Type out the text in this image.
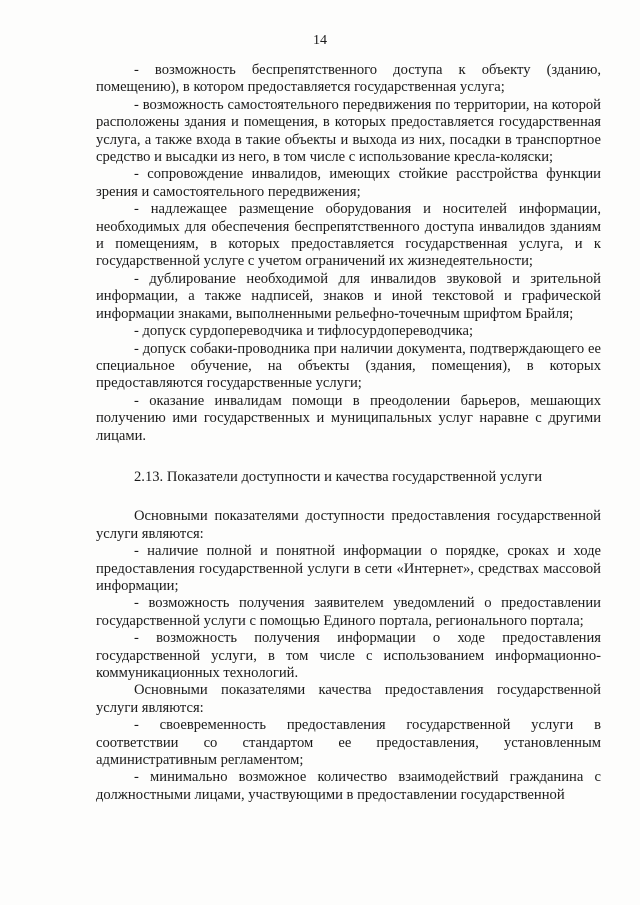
14

- возможность беспрепятственного доступа к объекту (зданию, помещению), в котором предоставляется государственная услуга;

- возможность самостоятельного передвижения по территории, на которой расположены здания и помещения, в которых предоставляется государственная услуга, а также входа в такие объекты и выхода из них, посадки в транспортное средство и высадки из него, в том числе с использование кресла-коляски;

- сопровождение инвалидов, имеющих стойкие расстройства функции зрения и самостоятельного передвижения;

- надлежащее размещение оборудования и носителей информации, необходимых для обеспечения беспрепятственного доступа инвалидов зданиям и помещениям, в которых предоставляется государственная услуга, и к государственной услуге с учетом ограничений их жизнедеятельности;

- дублирование необходимой для инвалидов звуковой и зрительной информации, а также надписей, знаков и иной текстовой и графической информации знаками, выполненными рельефно-точечным шрифтом Брайля;

- допуск сурдопереводчика и тифлосурдопереводчика;

- допуск собаки-проводника при наличии документа, подтверждающего ее специальное обучение, на объекты (здания, помещения), в которых предоставляются государственные услуги;

- оказание инвалидам помощи в преодолении барьеров, мешающих получению ими государственных и муниципальных услуг наравне с другими лицами.

2.13. Показатели доступности и качества государственной услуги

Основными показателями доступности предоставления государственной услуги являются:

- наличие полной и понятной информации о порядке, сроках и ходе предоставления государственной услуги в сети «Интернет», средствах массовой информации;

- возможность получения заявителем уведомлений о предоставлении государственной услуги с помощью Единого портала, регионального портала;

- возможность получения информации о ходе предоставления государственной услуги, в том числе с использованием информационно-коммуникационных технологий.

Основными показателями качества предоставления государственной услуги являются:

- своевременность предоставления государственной услуги в соответствии со стандартом ее предоставления, установленным административным регламентом;

- минимально возможное количество взаимодействий гражданина с должностными лицами, участвующими в предоставлении государственной
